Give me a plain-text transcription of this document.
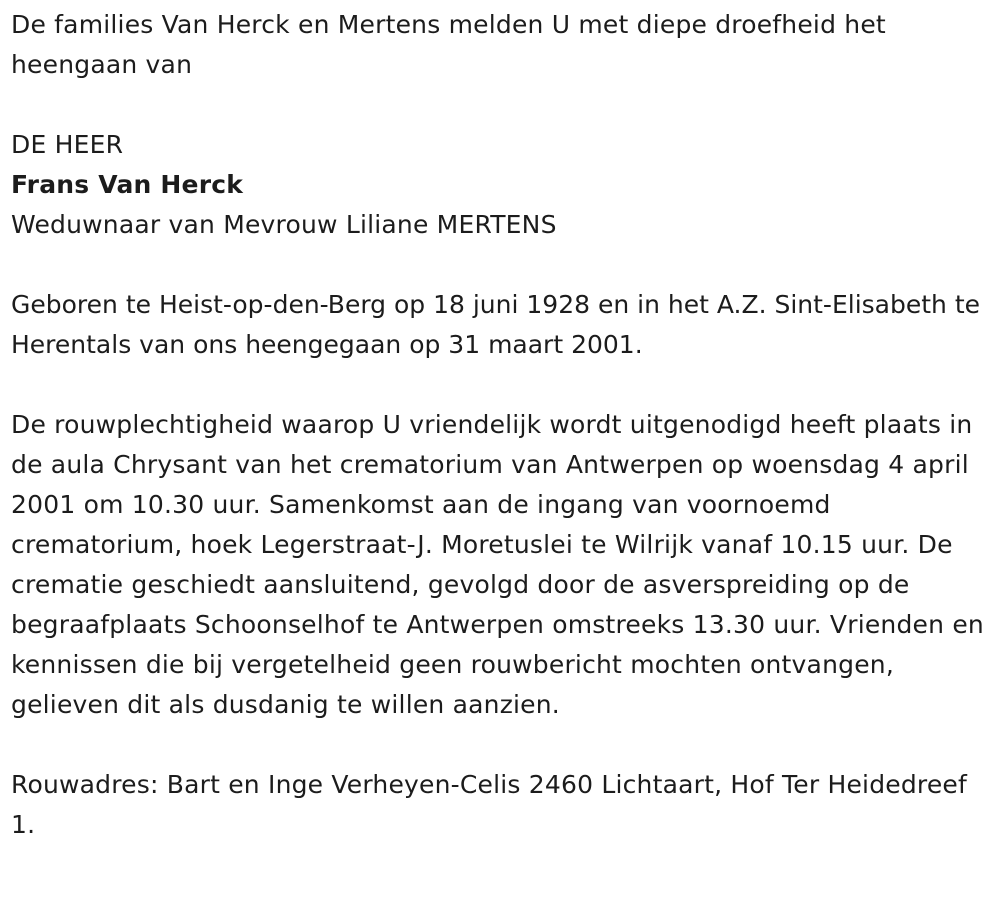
De families Van Herck en Mertens melden U met diepe droefheid het heengaan van

DE HEER

Frans Van Herck

Weduwnaar van Mevrouw Liliane MERTENS

Geboren te Heist-op-den-Berg op 18 juni 1928 en in het A.Z. Sint-Elisabeth te Herentals van ons heengegaan op 31 maart 2001.

De rouwplechtigheid waarop U vriendelijk wordt uitgenodigd heeft plaats in de aula Chrysant van het crematorium van Antwerpen op woensdag 4 april 2001 om 10.30 uur. Samenkomst aan de ingang van voornoemd crematorium, hoek Legerstraat-J. Moretuslei te Wilrijk vanaf 10.15 uur. De crematie geschiedt aansluitend, gevolgd door de asverspreiding op de begraafplaats Schoonselhof te Antwerpen omstreeks 13.30 uur. Vrienden en kennissen die bij vergetelheid geen rouwbericht mochten ontvangen, gelieven dit als dusdanig te willen aanzien.

Rouwadres: Bart en Inge Verheyen-Celis 2460 Lichtaart, Hof Ter Heidedreef 1.
